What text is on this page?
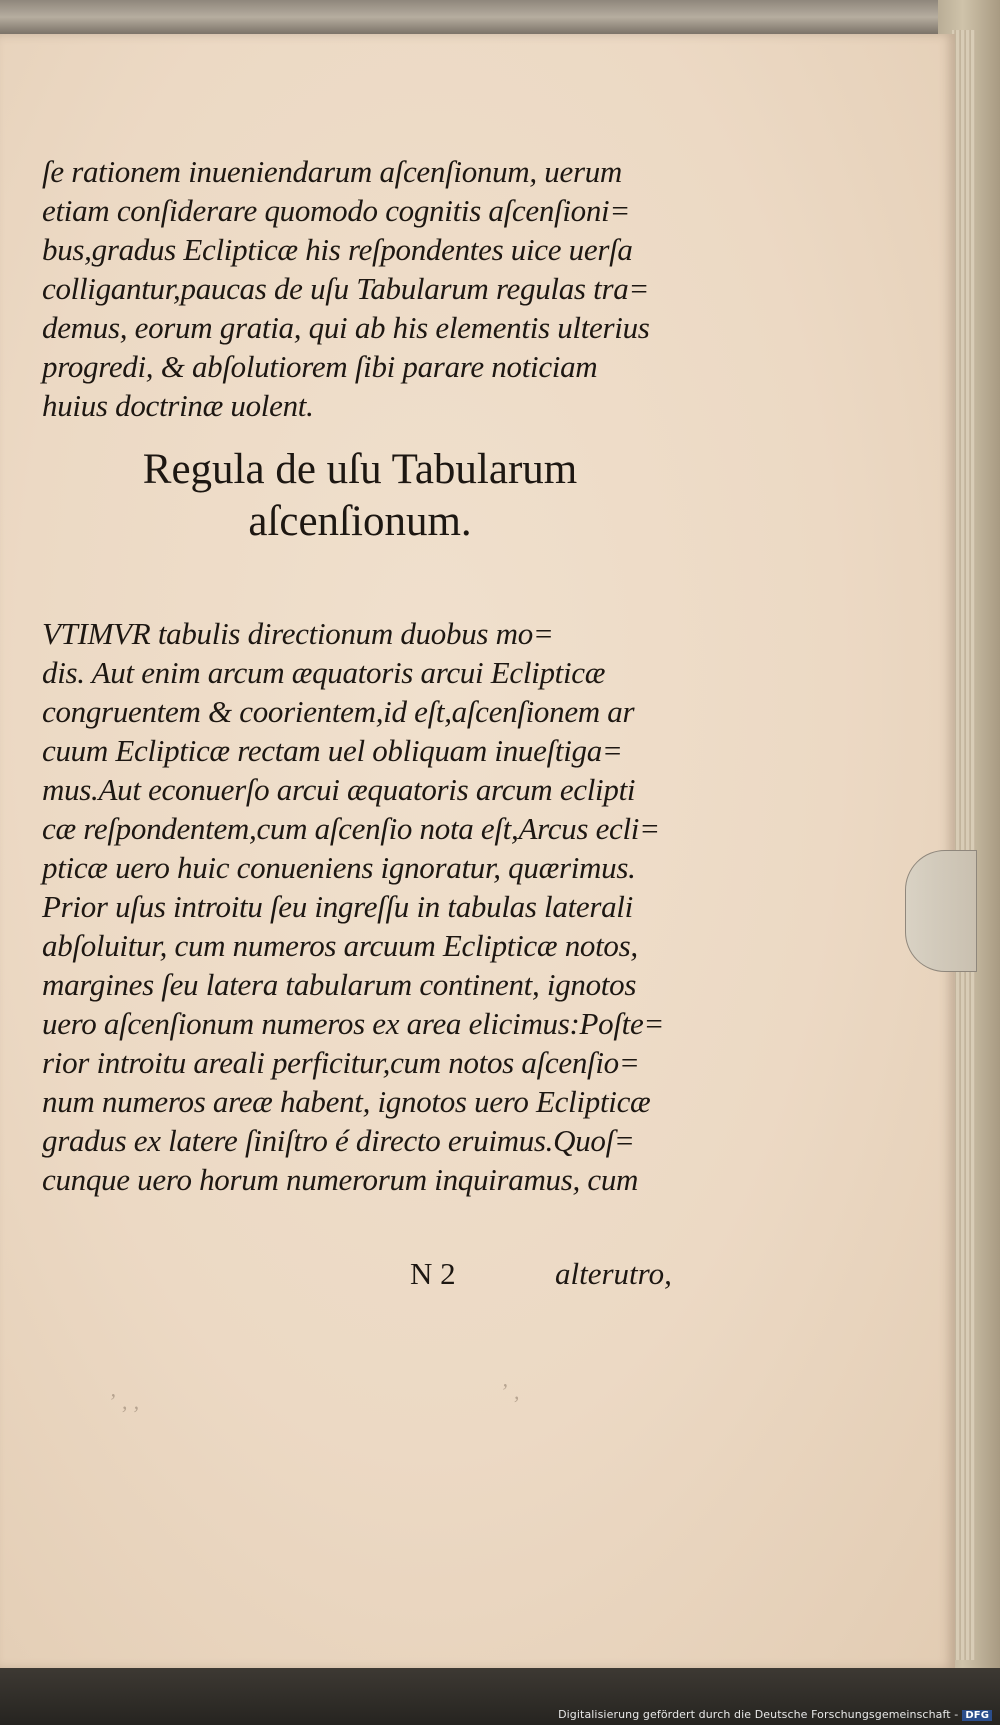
ſe rationem inueniendarum aſcenſionum, uerum
etiam conſiderare quomodo cognitis aſcenſioni=
bus,gradus Eclipticæ his reſpondentes uice uerſa
colligantur,paucas de uſu Tabularum regulas tra=
demus, eorum gratia, qui ab his elementis ulterius
progredi, & abſolutiorem ſibi parare noticiam
huius doctrinæ uolent.
Regula de uſu Tabularum
aſcenſionum.
VTIMVR tabulis directionum duobus mo=
dis. Aut enim arcum æquatoris arcui Eclipticæ
congruentem & coorientem,id eſt,aſcenſionem ar
cuum Eclipticæ rectam uel obliquam inueſtiga=
mus.Aut econuerſo arcui æquatoris arcum eclipti
cæ reſpondentem,cum aſcenſio nota eſt,Arcus ecli=
pticæ uero huic conueniens ignoratur, quærimus.
Prior uſus introitu ſeu ingreſſu in tabulas laterali
abſoluitur, cum numeros arcuum Eclipticæ notos,
margines ſeu latera tabularum continent, ignotos
uero aſcenſionum numeros ex area elicimus:Poſte=
rior introitu areali perficitur,cum notos aſcenſio=
num numeros areæ habent, ignotos uero Eclipticæ
gradus ex latere ſiniſtro é directo eruimus.Quoſ=
cunque uero horum numerorum inquiramus, cum
N 2	alterutro,
ʼ ‚ ,	ʼ ‚
Digitalisierung gefördert durch die Deutsche Forschungsgemeinschaft - DFG
